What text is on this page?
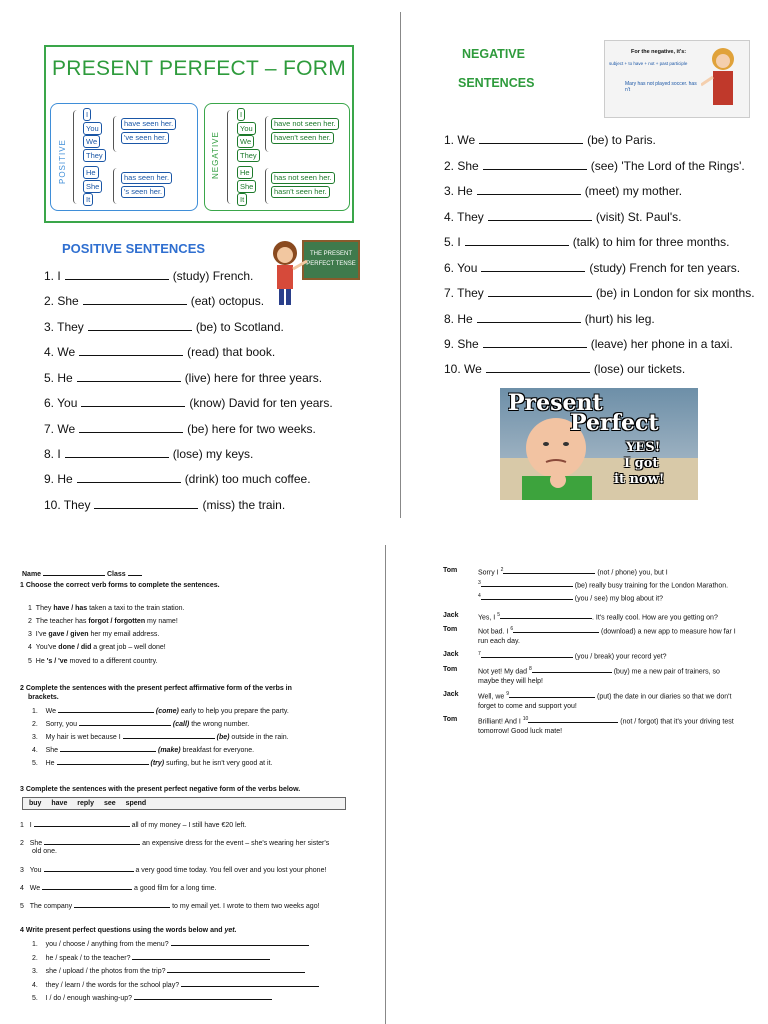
PRESENT PERFECT – FORM
POSITIVE
I
You
We
They
He
She
It
have seen her.
've seen her.
has seen her.
's seen her.
NEGATIVE
I
You
We
They
He
She
It
have not seen her.
haven't seen her.
has not seen her.
hasn't seen her.
POSITIVE SENTENCES	THE PRESENT
PERFECT TENSE
1. I	(study) French.
2. She	(eat) octopus.
3. They	(be) to Scotland.
4. We	(read) that book.
5. He	(live) here for three years.
6. You	(know) David for ten years.
7. We	(be) here for two weeks.
8. I	(lose) my keys.
9. He	(drink) too much coffee.
10. They	(miss) the train.
NEGATIVE
SENTENCES
For the negative, it's:
subject + to have + not + past participle
Mary has not played soccer. has n't
1. We	(be) to Paris.
2. She	(see) 'The Lord of the Rings'.
3. He	(meet) my mother.
4. They	(visit) St. Paul's.
5. I	(talk) to him for three months.
6. You	(study) French for ten years.
7. They	(be) in London for six months.
8. He	(hurt) his leg.
9. She	(leave) her phone in a taxi.
10. We	(lose) our tickets.
Present
Perfect
YES!
I got
it now!
Name	Class
1 Choose the correct verb forms to complete the sentences.
1 They have / has taken a taxi to the train station.
2 The teacher has forgot / forgotten my name!
3 I've gave / given her my email address.
4 You've done / did a great job – well done!
5 He 's / 've moved to a different country.
2 Complete the sentences with the present perfect affirmative form of the verbs in
brackets.
1. We	(come) early to help you prepare the party.
2. Sorry, you	(call) the wrong number.
3. My hair is wet because I	(be) outside in the rain.
4. She	(make) breakfast for everyone.
5. He	(try) surfing, but he isn't very good at it.
3 Complete the sentences with the present perfect negative form of the verbs below.
buy have reply see spend
1 I	all of my money – I still have €20 left.
2 She	an expensive dress for the event – she's wearing her sister's
old one.
3 You	a very good time today. You fell over and you lost your phone!
4 We	a good film for a long time.
5 The company	to my email yet. I wrote to them two weeks ago!
4 Write present perfect questions using the words below and yet.
1. you / choose / anything from the menu?
2. he / speak / to the teacher?
3. she / upload / the photos from the trip?
4. they / learn / the words for the school play?
5. I / do / enough washing-up?
Tom	Sorry I $^2$	(not / phone) you, but I
$^3$	(be) really busy training for the London Marathon.
$^4$	(you / see) my blog about it?
Jack	Yes, I $^5$	. It's really cool. How are you getting on?
Tom	Not bad. I $^6$	(download) a new app to measure how far I
run each day.
Jack	$^7$	(you / break) your record yet?
Tom	Not yet! My dad $^8$	(buy) me a new pair of trainers, so
maybe they will help!
Jack	Well, we $^9$	(put) the date in our diaries so that we don't
forget to come and support you!
Tom	Brilliant! And I $^{10}$	(not / forgot) that it's your driving test
tomorrow! Good luck mate!
